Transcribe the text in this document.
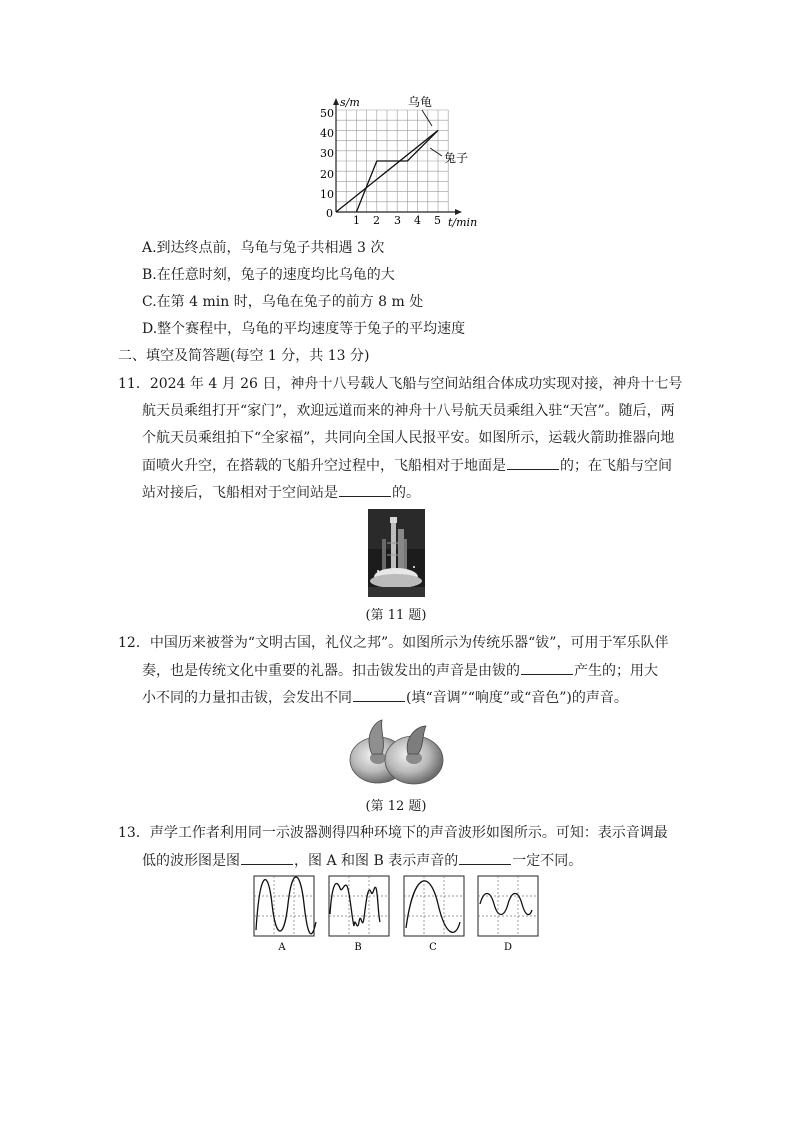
s/m
t/min
0
10
20
30
40
50
1 2 3 4 5
乌龟
兔子
A.到达终点前，乌龟与兔子共相遇 3 次
B.在任意时刻，兔子的速度均比乌龟的大
C.在第 4 min 时，乌龟在兔子的前方 8 m 处
D.整个赛程中，乌龟的平均速度等于兔子的平均速度
二、填空及简答题(每空 1 分，共 13 分)
11．2024 年 4 月 26 日，神舟十八号载人飞船与空间站组合体成功实现对接，神舟十七号
航天员乘组打开“家门”，欢迎远道而来的神舟十八号航天员乘组入驻“天宫”。随后，两
个航天员乘组拍下“全家福”，共同向全国人民报平安。如图所示，运载火箭助推器向地
面喷火升空，在搭载的飞船升空过程中，飞船相对于地面是	的；在飞船与空间
站对接后，飞船相对于空间站是	的。
(第 11 题)
12．中国历来被誉为“文明古国，礼仪之邦”。如图所示为传统乐器“钹”，可用于军乐队伴
奏，也是传统文化中重要的礼器。扣击钹发出的声音是由钹的	产生的；用大
小不同的力量扣击钹，会发出不同	(填“音调”“响度”或“音色”)的声音。
(第 12 题)
13．声学工作者利用同一示波器测得四种环境下的声音波形如图所示。可知：表示音调最
低的波形图是图	，图 A 和图 B 表示声音的	一定不同。
A	B	C	D
